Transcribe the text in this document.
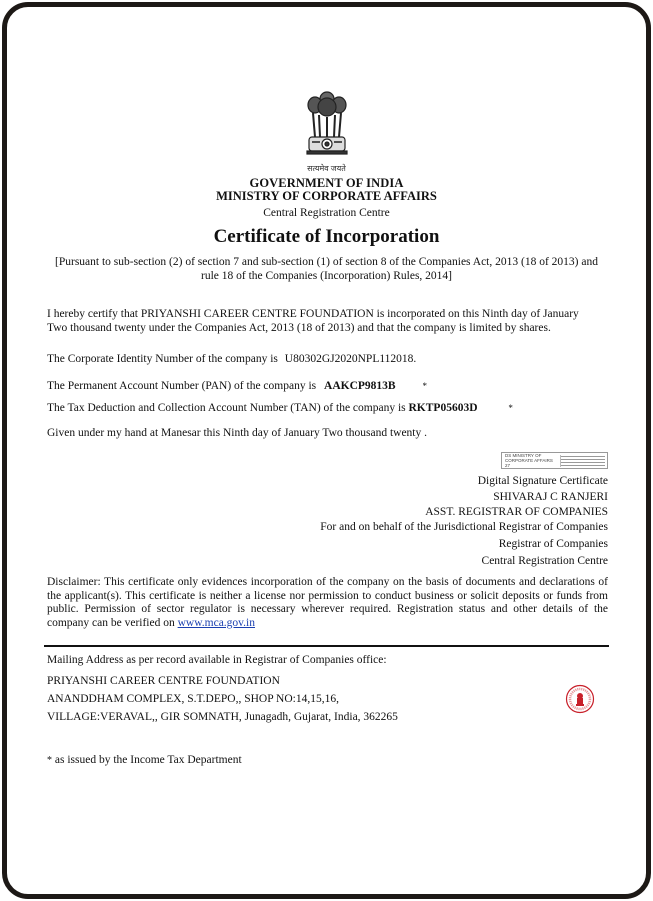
सत्यमेव जयते
GOVERNMENT OF INDIA
MINISTRY OF CORPORATE AFFAIRS
Central Registration Centre
Certificate of Incorporation
[Pursuant to sub-section (2) of section 7 and sub-section (1) of section 8 of the Companies Act, 2013 (18 of 2013) and
rule 18 of the Companies (Incorporation) Rules, 2014]
I hereby certify that PRIYANSHI CAREER CENTRE FOUNDATION is incorporated on this Ninth day of January
Two thousand twenty under the Companies Act, 2013 (18 of 2013) and that the company is limited by shares.
The Corporate Identity Number of the company is U80302GJ2020NPL112018.
The Permanent Account Number (PAN) of the company is AAKCP9813B	*
The Tax Deduction and Collection Account Number (TAN) of the company is RKTP05603D	*
Given under my hand at Manesar this Ninth day of January Two thousand twenty .
DS MINISTRY OF CORPORATE AFFAIRS 27
Digital Signature Certificate
SHIVARAJ C RANJERI
ASST. REGISTRAR OF COMPANIES
For and on behalf of the Jurisdictional Registrar of Companies
Registrar of Companies
Central Registration Centre
Disclaimer: This certificate only evidences incorporation of the company on the basis of documents and declarations of the applicant(s). This certificate is neither a license nor permission to conduct business or solicit deposits or funds from public. Permission of sector regulator is necessary wherever required. Registration status and other details of the company can be verified on www.mca.gov.in
Mailing Address as per record available in Registrar of Companies office:
PRIYANSHI CAREER CENTRE FOUNDATION
ANANDDHAM COMPLEX, S.T.DEPO,, SHOP NO:14,15,16,
VILLAGE:VERAVAL,, GIR SOMNATH, Junagadh, Gujarat, India, 362265
* as issued by the Income Tax Department
